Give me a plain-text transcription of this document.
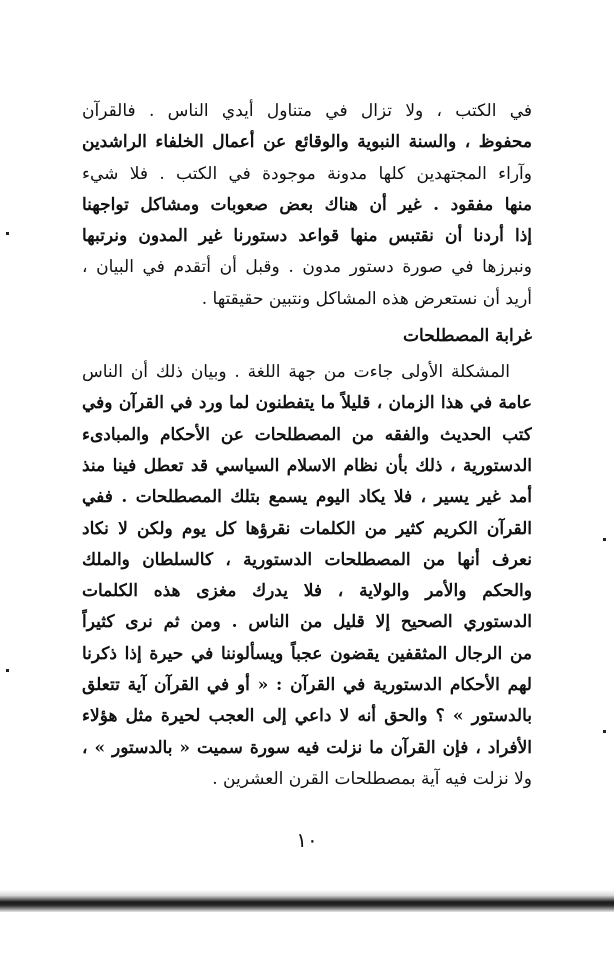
في الكتب ، ولا تزال في متناول أيدي الناس . فالقرآن
محفوظ ، والسنة النبوية والوقائع عن أعمال الخلفاء الراشدين
وآراء المجتهدين كلها مدونة موجودة في الكتب . فلا شيء
منها مفقود . غير أن هناك بعض صعوبات ومشاكل تواجهنا
إذا أردنا أن نقتبس منها قواعد دستورنا غير المدون ونرتبها
ونبرزها في صورة دستور مدون . وقبل أن أتقدم في البيان ،
أريد أن نستعرض هذه المشاكل ونتبين حقيقتها .
غرابة المصطلحات
المشكلة الأولى جاءت من جهة اللغة . وبيان ذلك أن الناس
عامة في هذا الزمان ، قليلاً ما يتفطنون لما ورد في القرآن وفي
كتب الحديث والفقه من المصطلحات عن الأحكام والمبادىء
الدستورية ، ذلك بأن نظام الاسلام السياسي قد تعطل فينا منذ
أمد غير يسير ، فلا يكاد اليوم يسمع بتلك المصطلحات . ففي
القرآن الكريم كثير من الكلمات نقرؤها كل يوم ولكن لا نكاد
نعرف أنها من المصطلحات الدستورية ، كالسلطان والملك
والحكم والأمر والولاية ، فلا يدرك مغزى هذه الكلمات
الدستوري الصحيح إلا قليل من الناس . ومن ثم نرى كثيراً
من الرجال المثقفين يقضون عجباً ويسألوننا في حيرة إذا ذكرنا
لهم الأحكام الدستورية في القرآن : « أو في القرآن آية تتعلق
بالدستور » ؟ والحق أنه لا داعي إلى العجب لحيرة مثل هؤلاء
الأفراد ، فإن القرآن ما نزلت فيه سورة سميت « بالدستور » ،
ولا نزلت فيه آية بمصطلحات القرن العشرين .
١٠
